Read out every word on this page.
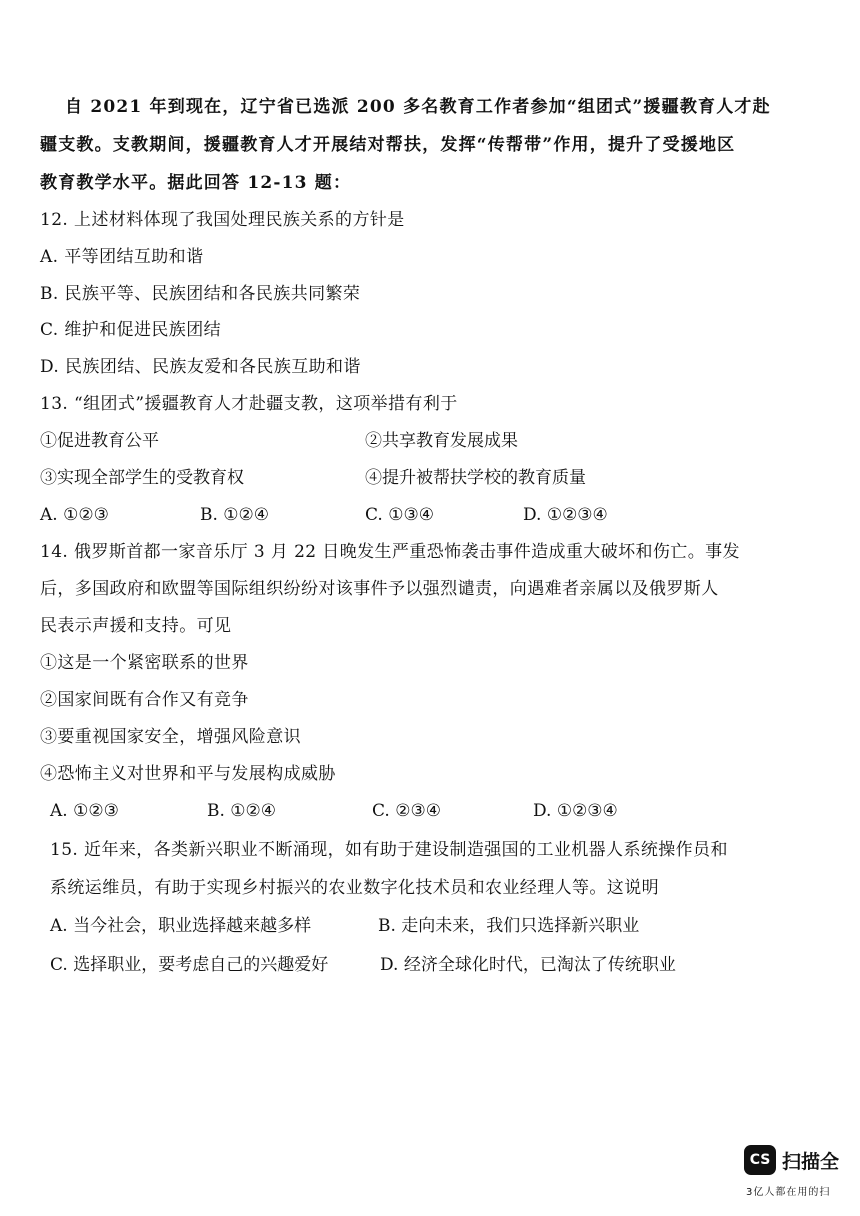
自 2021 年到现在，辽宁省已选派 200 多名教育工作者参加“组团式”援疆教育人才赴
疆支教。支教期间，援疆教育人才开展结对帮扶，发挥“传帮带”作用，提升了受援地区
教育教学水平。据此回答 12-13 题：
12. 上述材料体现了我国处理民族关系的方针是
A. 平等团结互助和谐
B. 民族平等、民族团结和各民族共同繁荣
C. 维护和促进民族团结
D. 民族团结、民族友爱和各民族互助和谐
13. “组团式”援疆教育人才赴疆支教，这项举措有利于
①促进教育公平	②共享教育发展成果
③实现全部学生的受教育权	④提升被帮扶学校的教育质量
A. ①②③	B. ①②④	C. ①③④	D. ①②③④
14. 俄罗斯首都一家音乐厅 3 月 22 日晚发生严重恐怖袭击事件造成重大破坏和伤亡。事发
后，多国政府和欧盟等国际组织纷纷对该事件予以强烈谴责，向遇难者亲属以及俄罗斯人
民表示声援和支持。可见
①这是一个紧密联系的世界
②国家间既有合作又有竞争
③要重视国家安全，增强风险意识
④恐怖主义对世界和平与发展构成威胁
A. ①②③	B. ①②④	C. ②③④	D. ①②③④
15. 近年来，各类新兴职业不断涌现，如有助于建设制造强国的工业机器人系统操作员和
系统运维员，有助于实现乡村振兴的农业数字化技术员和农业经理人等。这说明
A. 当今社会，职业选择越来越多样	B. 走向未来，我们只选择新兴职业
C. 选择职业，要考虑自己的兴趣爱好	D. 经济全球化时代，已淘汰了传统职业
CS 扫描全
3亿人都在用的扫
